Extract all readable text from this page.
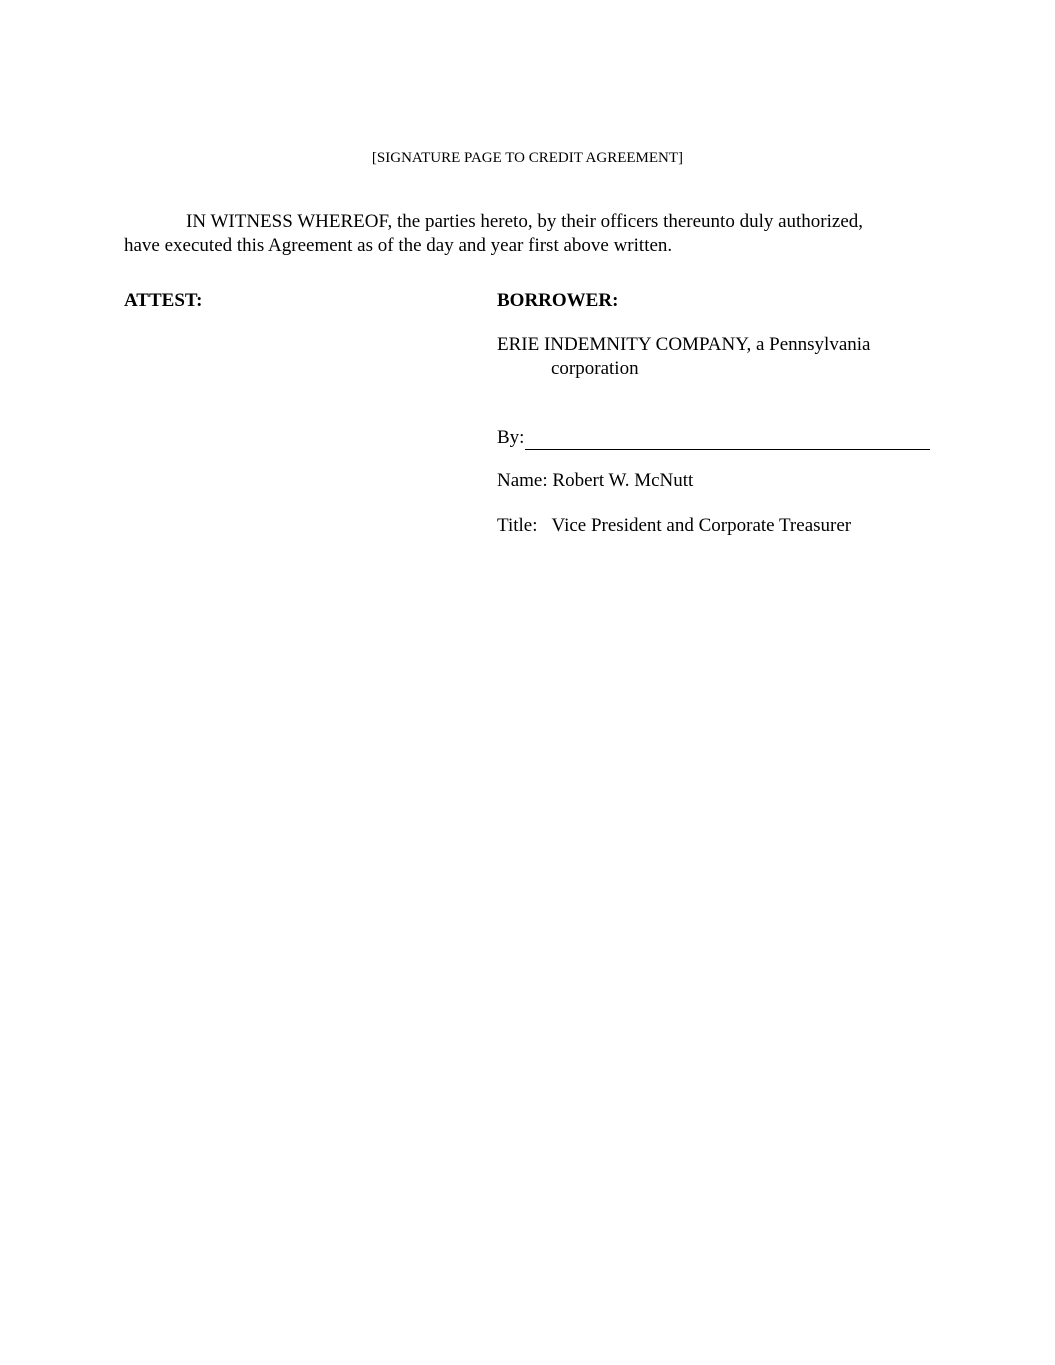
[SIGNATURE PAGE TO CREDIT AGREEMENT]
IN WITNESS WHEREOF, the parties hereto, by their officers thereunto duly authorized,
have executed this Agreement as of the day and year first above written.
ATTEST:	BORROWER:
ERIE INDEMNITY COMPANY, a Pennsylvania
corporation
By:
Name: Robert W. McNutt
Title: Vice President and Corporate Treasurer
